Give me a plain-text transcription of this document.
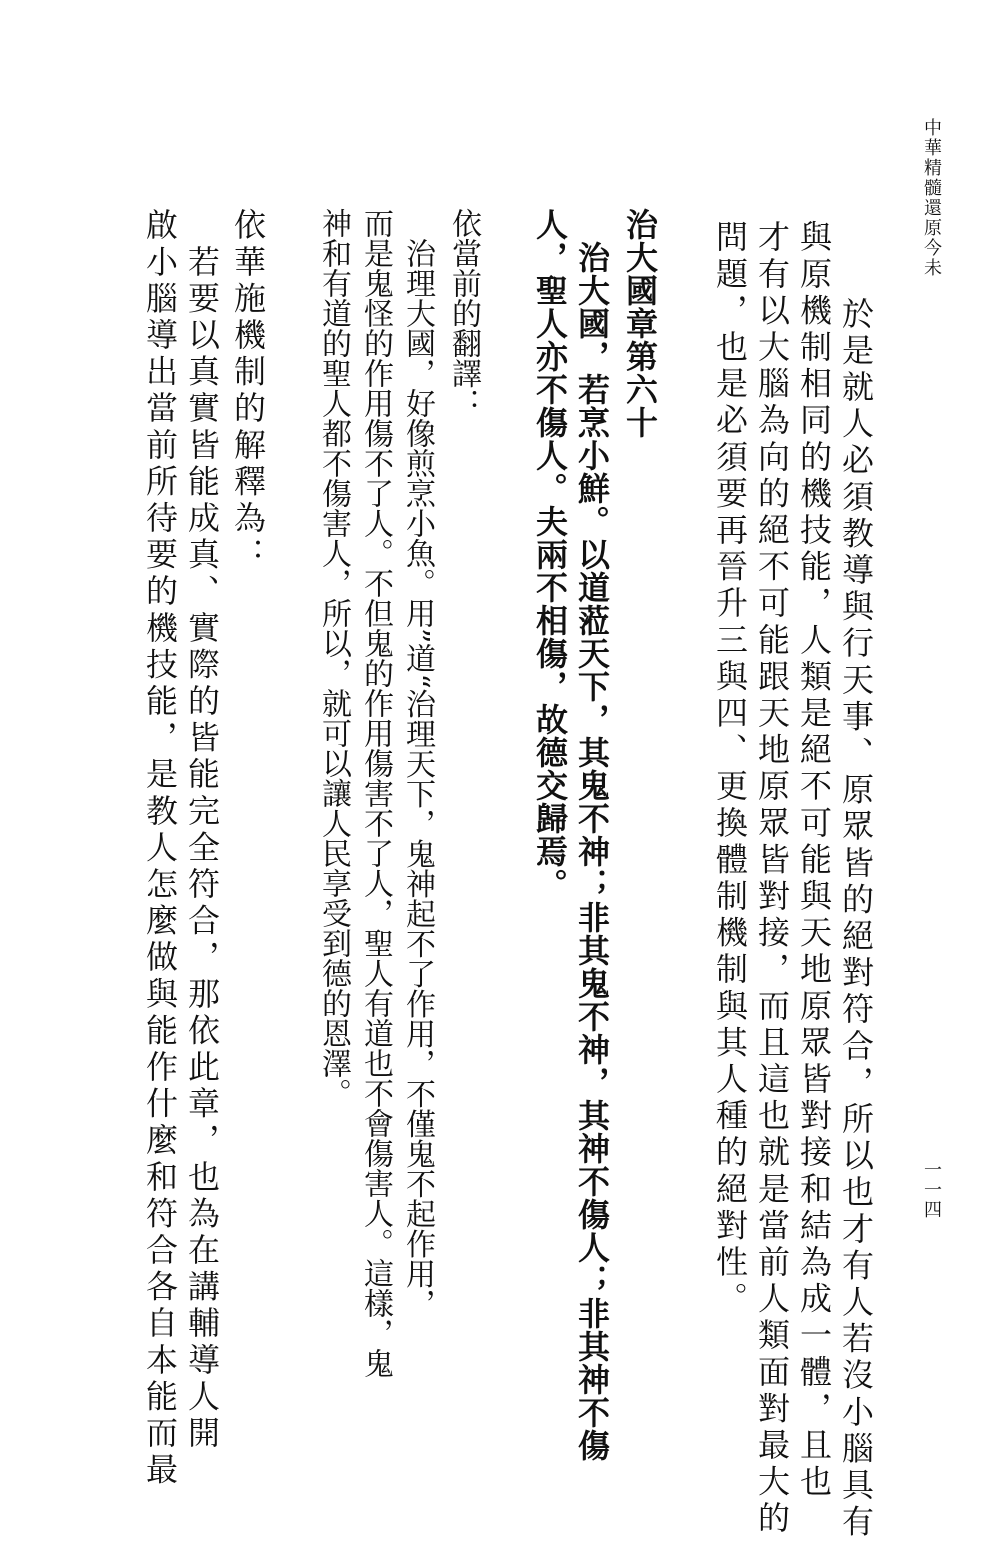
中華精髓還原今未
一一四
　於是就人必須教導與行天事、原眾皆的絕對符合，所以也才有人若沒小腦具有
與原機制相同的機技能，人類是絕不可能與天地原眾皆對接和結為成一體，且也
才有以大腦為向的絕不可能跟天地原眾皆對接，而且這也就是當前人類面對最大的
問題，也是必須要再晉升三與四、更換體制機制與其人種的絕對性。
治大國章第六十
　治大國，若烹小鮮。以道蒞天下，其鬼不神；非其鬼不神，其神不傷人；非其神不傷
人，聖人亦不傷人。夫兩不相傷，故德交歸焉。
依當前的翻譯：
　治理大國，好像煎烹小魚。用”道“治理天下，鬼神起不了作用，不僅鬼不起作用，
而是鬼怪的作用傷不了人。不但鬼的作用傷害不了人，聖人有道也不會傷害人。這樣，鬼
神和有道的聖人都不傷害人，所以，就可以讓人民享受到德的恩澤。
依華施機制的解釋為：
　若要以真實皆能成真、實際的皆能完全符合，那依此章，也為在講輔導人開
啟小腦導出當前所待要的機技能，是教人怎麼做與能作什麼和符合各自本能而最
